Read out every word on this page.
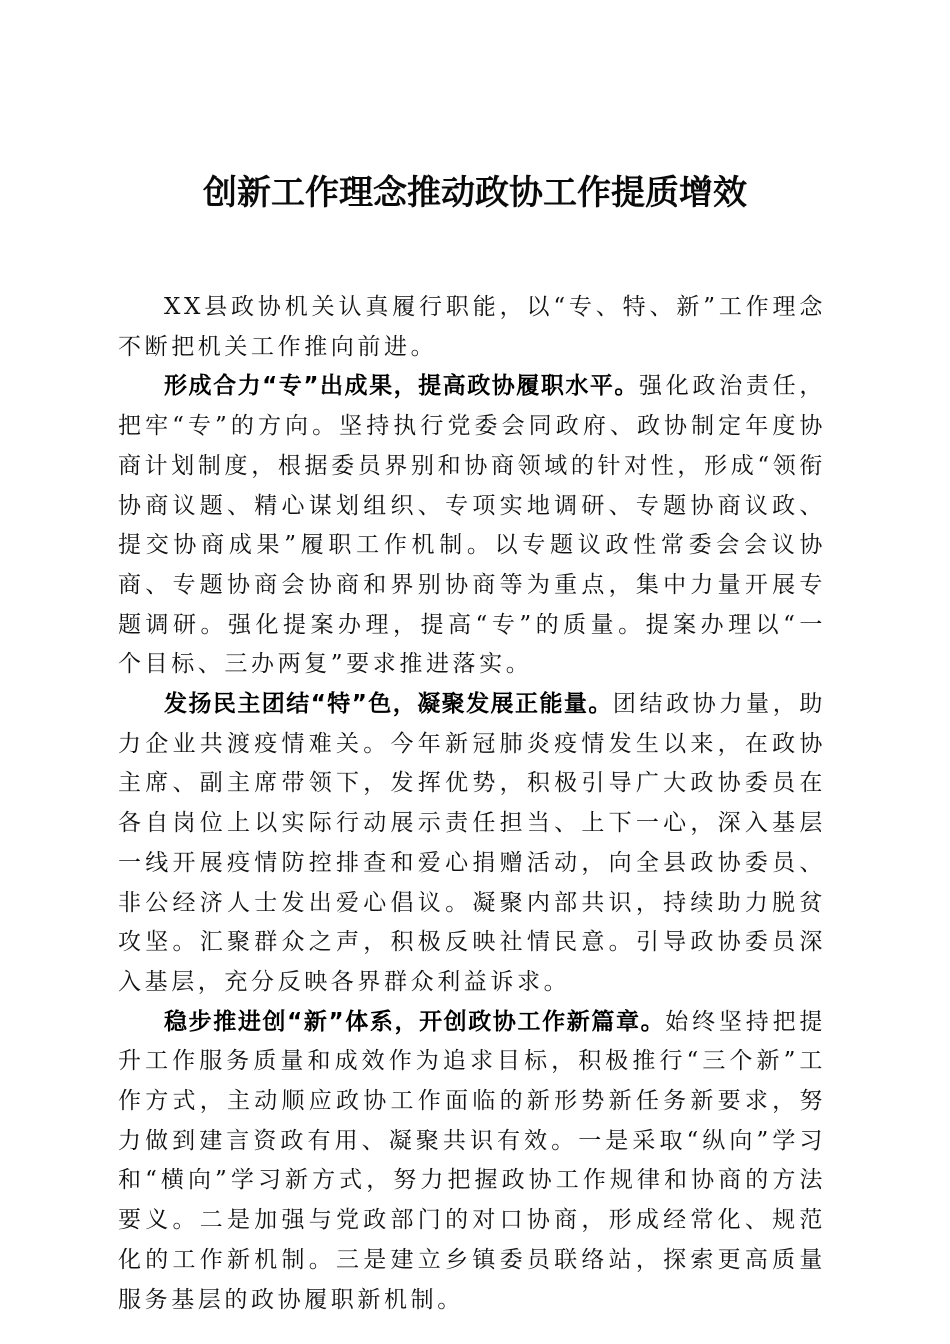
创新工作理念推动政协工作提质增效

XX县政协机关认真履行职能，以“专、特、新”工作理念不断把机关工作推向前进。

形成合力“专”出成果，提高政协履职水平。强化政治责任，把牢“专”的方向。坚持执行党委会同政府、政协制定年度协商计划制度，根据委员界别和协商领域的针对性，形成“领衔协商议题、精心谋划组织、专项实地调研、专题协商议政、提交协商成果”履职工作机制。以专题议政性常委会会议协商、专题协商会协商和界别协商等为重点，集中力量开展专题调研。强化提案办理，提高“专”的质量。提案办理以“一个目标、三办两复”要求推进落实。

发扬民主团结“特”色，凝聚发展正能量。团结政协力量，助力企业共渡疫情难关。今年新冠肺炎疫情发生以来，在政协主席、副主席带领下，发挥优势，积极引导广大政协委员在各自岗位上以实际行动展示责任担当、上下一心，深入基层一线开展疫情防控排查和爱心捐赠活动，向全县政协委员、非公经济人士发出爱心倡议。凝聚内部共识，持续助力脱贫攻坚。汇聚群众之声，积极反映社情民意。引导政协委员深入基层，充分反映各界群众利益诉求。

稳步推进创“新”体系，开创政协工作新篇章。始终坚持把提升工作服务质量和成效作为追求目标，积极推行“三个新”工作方式，主动顺应政协工作面临的新形势新任务新要求，努力做到建言资政有用、凝聚共识有效。一是采取“纵向”学习和“横向”学习新方式，努力把握政协工作规律和协商的方法要义。二是加强与党政部门的对口协商，形成经常化、规范化的工作新机制。三是建立乡镇委员联络站，探索更高质量服务基层的政协履职新机制。
